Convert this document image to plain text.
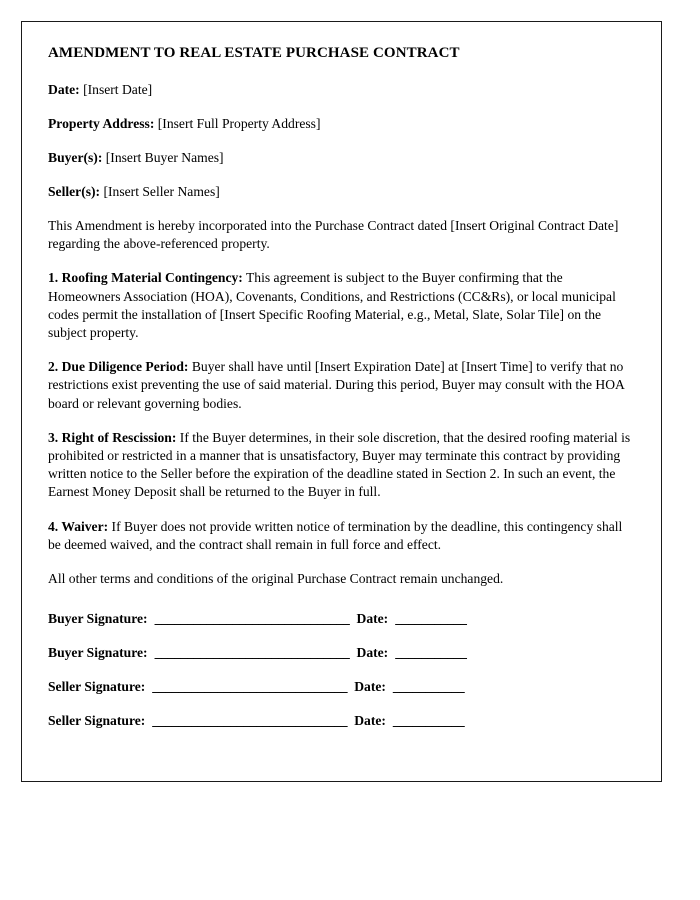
AMENDMENT TO REAL ESTATE PURCHASE CONTRACT

Date: [Insert Date]

Property Address: [Insert Full Property Address]

Buyer(s): [Insert Buyer Names]

Seller(s): [Insert Seller Names]

This Amendment is hereby incorporated into the Purchase Contract dated [Insert Original Contract Date] regarding the above-referenced property.

1. Roofing Material Contingency: This agreement is subject to the Buyer confirming that the Homeowners Association (HOA), Covenants, Conditions, and Restrictions (CC&Rs), or local municipal codes permit the installation of [Insert Specific Roofing Material, e.g., Metal, Slate, Solar Tile] on the subject property.

2. Due Diligence Period: Buyer shall have until [Insert Expiration Date] at [Insert Time] to verify that no restrictions exist preventing the use of said material. During this period, Buyer may consult with the HOA board or relevant governing bodies.

3. Right of Rescission: If the Buyer determines, in their sole discretion, that the desired roofing material is prohibited or restricted in a manner that is unsatisfactory, Buyer may terminate this contract by providing written notice to the Seller before the expiration of the deadline stated in Section 2. In such an event, the Earnest Money Deposit shall be returned to the Buyer in full.

4. Waiver: If Buyer does not provide written notice of termination by the deadline, this contingency shall be deemed waived, and the contract shall remain in full force and effect.

All other terms and conditions of the original Purchase Contract remain unchanged.

Buyer Signature: ______________________________ Date: ___________
Buyer Signature: ______________________________ Date: ___________
Seller Signature: ______________________________ Date: ___________
Seller Signature: ______________________________ Date: ___________
